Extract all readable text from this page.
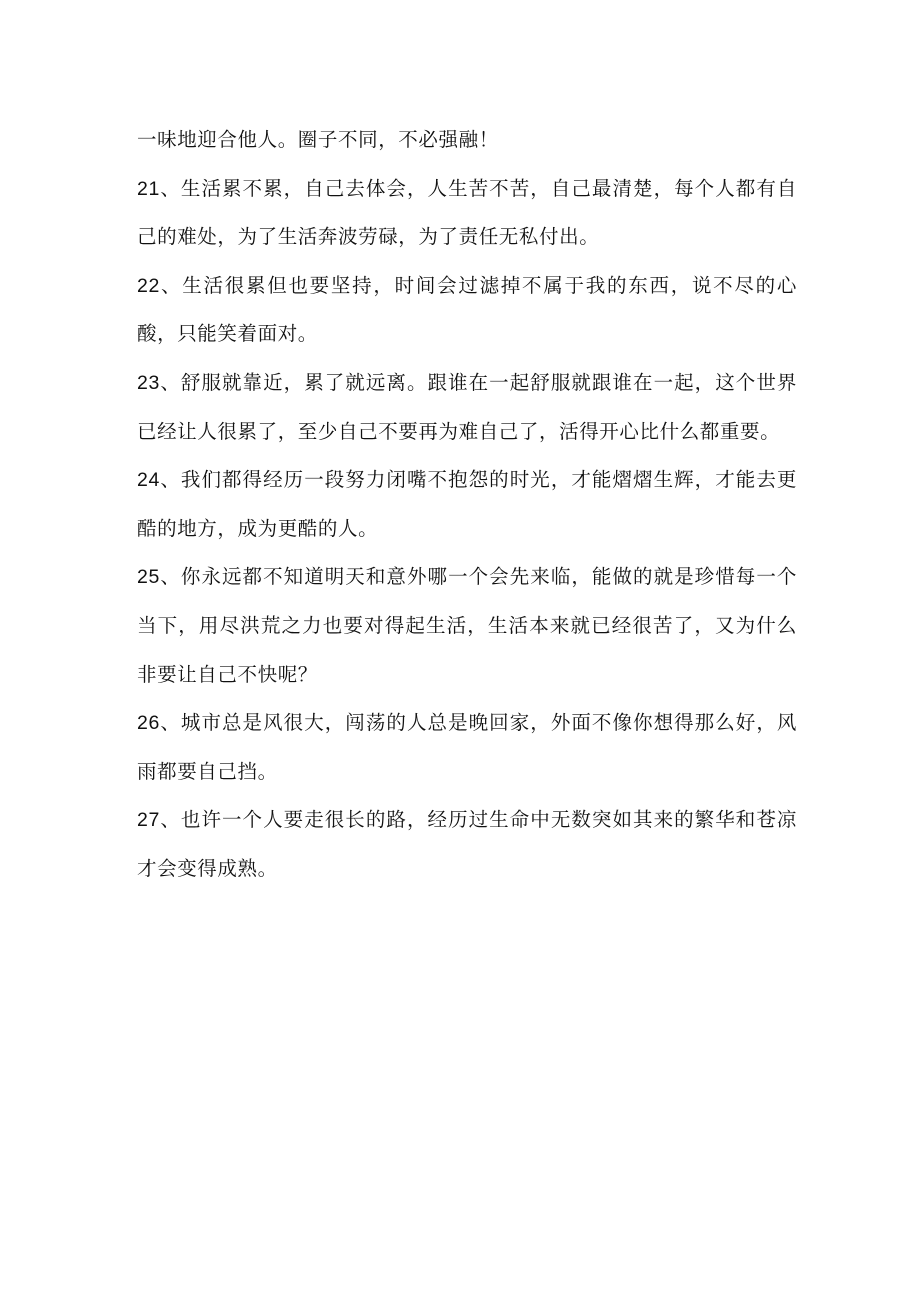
一味地迎合他人。圈子不同，不必强融！

21、生活累不累，自己去体会，人生苦不苦，自己最清楚，每个人都有自己的难处，为了生活奔波劳碌，为了责任无私付出。

22、生活很累但也要坚持，时间会过滤掉不属于我的东西，说不尽的心酸，只能笑着面对。

23、舒服就靠近，累了就远离。跟谁在一起舒服就跟谁在一起，这个世界已经让人很累了，至少自己不要再为难自己了，活得开心比什么都重要。

24、我们都得经历一段努力闭嘴不抱怨的时光，才能熠熠生辉，才能去更酷的地方，成为更酷的人。

25、你永远都不知道明天和意外哪一个会先来临，能做的就是珍惜每一个当下，用尽洪荒之力也要对得起生活，生活本来就已经很苦了，又为什么非要让自己不快呢？

26、城市总是风很大，闯荡的人总是晚回家，外面不像你想得那么好，风雨都要自己挡。

27、也许一个人要走很长的路，经历过生命中无数突如其来的繁华和苍凉才会变得成熟。
